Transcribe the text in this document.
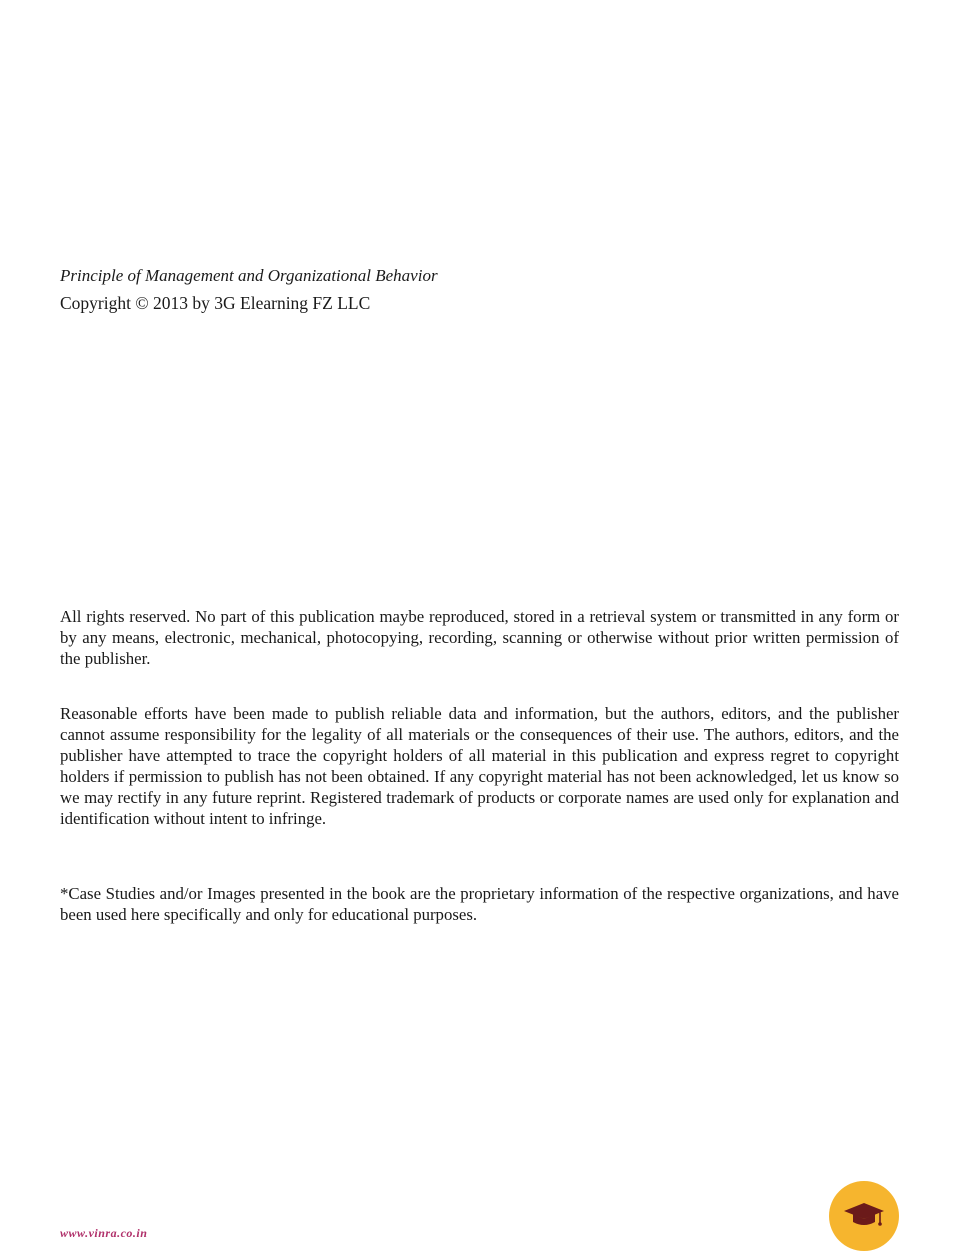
Principle of Management and Organizational Behavior

Copyright © 2013 by 3G Elearning FZ LLC

All rights reserved. No part of this publication maybe reproduced, stored in a retrieval system or transmitted in any form or by any means, electronic, mechanical, photocopying, recording, scanning or otherwise without prior written permission of the publisher.

Reasonable efforts have been made to publish reliable data and information, but the authors, editors, and the publisher cannot assume responsibility for the legality of all materials or the consequences of their use. The authors, editors, and the publisher have attempted to trace the copyright holders of all material in this publication and express regret to copyright holders if permission to publish has not been obtained. If any copyright material has not been acknowledged, let us know so we may rectify in any future reprint. Registered trademark of products or corporate names are used only for explanation and identification without intent to infringe.

*Case Studies and/or Images presented in the book are the proprietary information of the respective organizations, and have been used here specifically and only for educational purposes.

www.vinra.co.in
